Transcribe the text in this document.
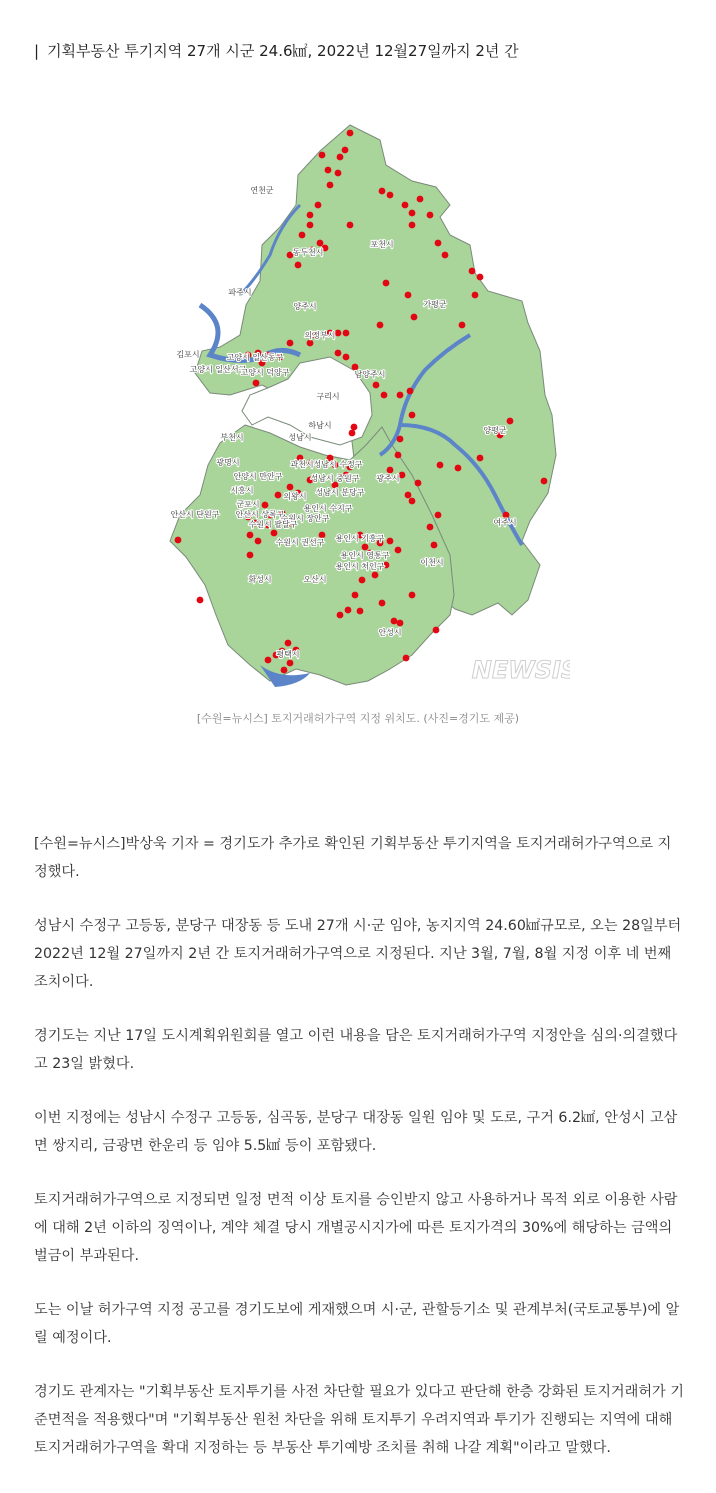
| 기획부동산 투기지역 27개 시군 24.6㎢, 2022년 12월27일까지 2년 간
연천군
포천시
동두천시
파주시
가평군
양주시
의정부시
김포시	고양시 일산동구
고양시 일산서구
고양시 덕양구	남양주시
구리시
양평군
하남시
성남시
부천시
광명시	과천시 성남시 수정구
안양시 만안구	성남시 중원구 광주시
시흥시
의왕시 성남시 분당구
군포시	용인시 수지구
안산시 단원구 안산시 상록구
수원시 장안구
수원시 팔달구
수원시 권선구 용인시 기흥구
여주시
용인시 영통구
이천시
화성시	오산시
용인시 처인구
안성시
평택시
NEWSIS
[수원=뉴시스] 토지거래허가구역 지정 위치도. (사진=경기도 제공)

[수원=뉴시스]박상욱 기자 = 경기도가 추가로 확인된 기획부동산 투기지역을 토지거래허가구역으로 지정했다.

성남시 수정구 고등동, 분당구 대장동 등 도내 27개 시·군 임야, 농지지역 24.60㎢규모로, 오는 28일부터 2022년 12월 27일까지 2년 간 토지거래허가구역으로 지정된다. 지난 3월, 7월, 8월 지정 이후 네 번째 조치이다.

경기도는 지난 17일 도시계획위원회를 열고 이런 내용을 담은 토지거래허가구역 지정안을 심의·의결했다고 23일 밝혔다.

이번 지정에는 성남시 수정구 고등동, 심곡동, 분당구 대장동 일원 임야 및 도로, 구거 6.2㎢, 안성시 고삼면 쌍지리, 금광면 한운리 등 임야 5.5㎢ 등이 포함됐다.

토지거래허가구역으로 지정되면 일정 면적 이상 토지를 승인받지 않고 사용하거나 목적 외로 이용한 사람에 대해 2년 이하의 징역이나, 계약 체결 당시 개별공시지가에 따른 토지가격의 30%에 해당하는 금액의 벌금이 부과된다.

도는 이날 허가구역 지정 공고를 경기도보에 게재했으며 시·군, 관할등기소 및 관계부처(국토교통부)에 알릴 예정이다.

경기도 관계자는 "기획부동산 토지투기를 사전 차단할 필요가 있다고 판단해 한층 강화된 토지거래허가 기준면적을 적용했다"며 "기획부동산 원천 차단을 위해 토지투기 우려지역과 투기가 진행되는 지역에 대해 토지거래허가구역을 확대 지정하는 등 부동산 투기예방 조치를 취해 나갈 계획"이라고 말했다.
